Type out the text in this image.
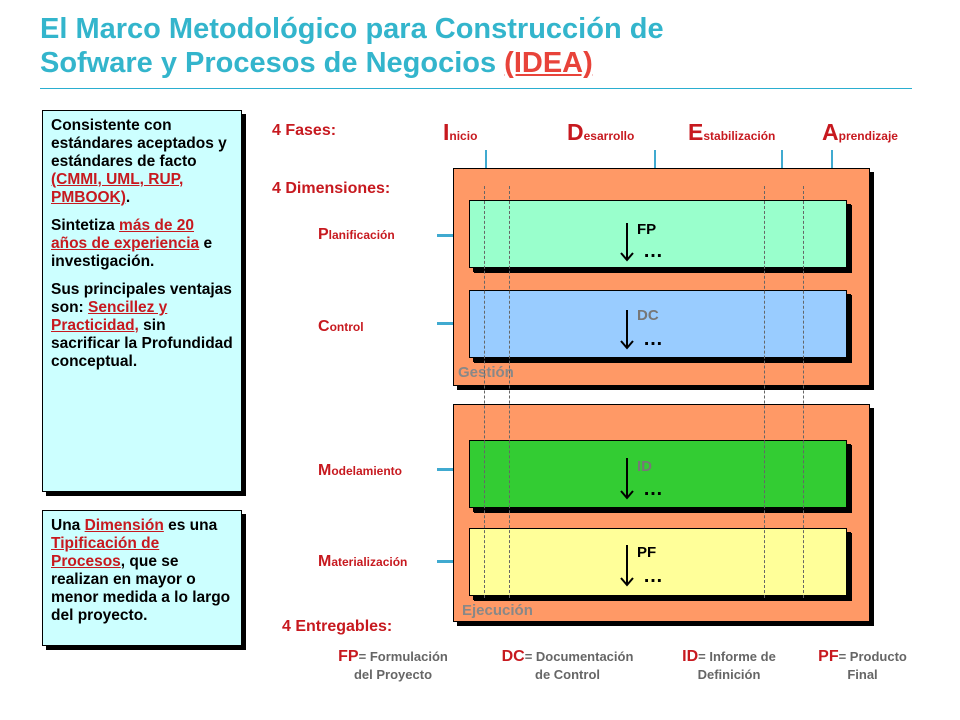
El Marco Metodológico para Construcción de
Sofware y Procesos de Negocios (IDEA)

Consistente con estándares aceptados y estándares de facto (CMMI, UML, RUP, PMBOOK).

Sintetiza más de 20 años de experiencia e investigación.

Sus principales ventajas son: Sencillez y Practicidad, sin sacrificar la Profundidad conceptual.

Una Dimensión es una Tipificación de Procesos, que se realizan en mayor o menor medida a lo largo del proyecto.

4 Fases:
4 Dimensiones:
4 Entregables:
Inicio	Desarrollo Estabilización Aprendizaje
Planificación
Control
Modelamiento
Materialización
Gestión
Ejecución
FP
…
DC
…
ID
…
PF
…
FP= Formulación
del Proyecto
DC= Documentación
de Control
ID= Informe de
Definición
PF= Producto
Final
